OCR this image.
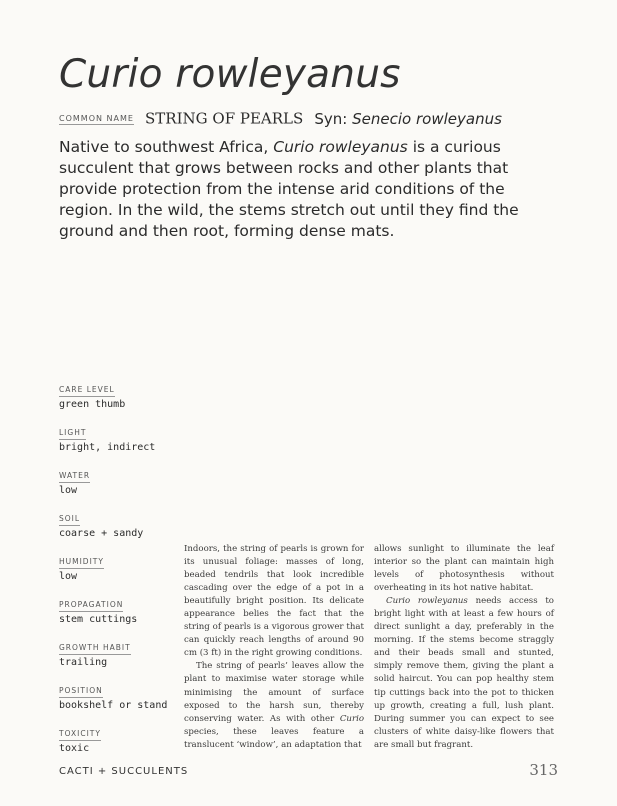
Curio rowleyanus
COMMON NAME STRING OF PEARLS Syn: Senecio rowleyanus

Native to southwest Africa, Curio rowleyanus is a curious succulent that grows between rocks and other plants that provide protection from the intense arid conditions of the region. In the wild, the stems stretch out until they find the ground and then root, forming dense mats.

CARE LEVEL
green thumb
LIGHT
bright, indirect
WATER
low
SOIL
coarse + sandy
HUMIDITY
low
PROPAGATION
stem cuttings
GROWTH HABIT
trailing
POSITION
bookshelf or stand
TOXICITY
toxic

Indoors, the string of pearls is grown for its unusual foliage: masses of long, beaded tendrils that look incredible cascading over the edge of a pot in a beautifully bright position. Its delicate appearance belies the fact that the string of pearls is a vigorous grower that can quickly reach lengths of around 90 cm (3 ft) in the right growing conditions.

The string of pearls’ leaves allow the plant to maximise water storage while minimising the amount of surface exposed to the harsh sun, thereby conserving water. As with other Curio species, these leaves feature a translucent ‘window’, an adaptation that

allows sunlight to illuminate the leaf interior so the plant can maintain high levels of photosynthesis without overheating in its hot native habitat.

Curio rowleyanus needs access to bright light with at least a few hours of direct sunlight a day, preferably in the morning. If the stems become straggly and their beads small and stunted, simply remove them, giving the plant a solid haircut. You can pop healthy stem tip cuttings back into the pot to thicken up growth, creating a full, lush plant. During summer you can expect to see clusters of white daisy-like flowers that are small but fragrant.

CACTI + SUCCULENTS	313
